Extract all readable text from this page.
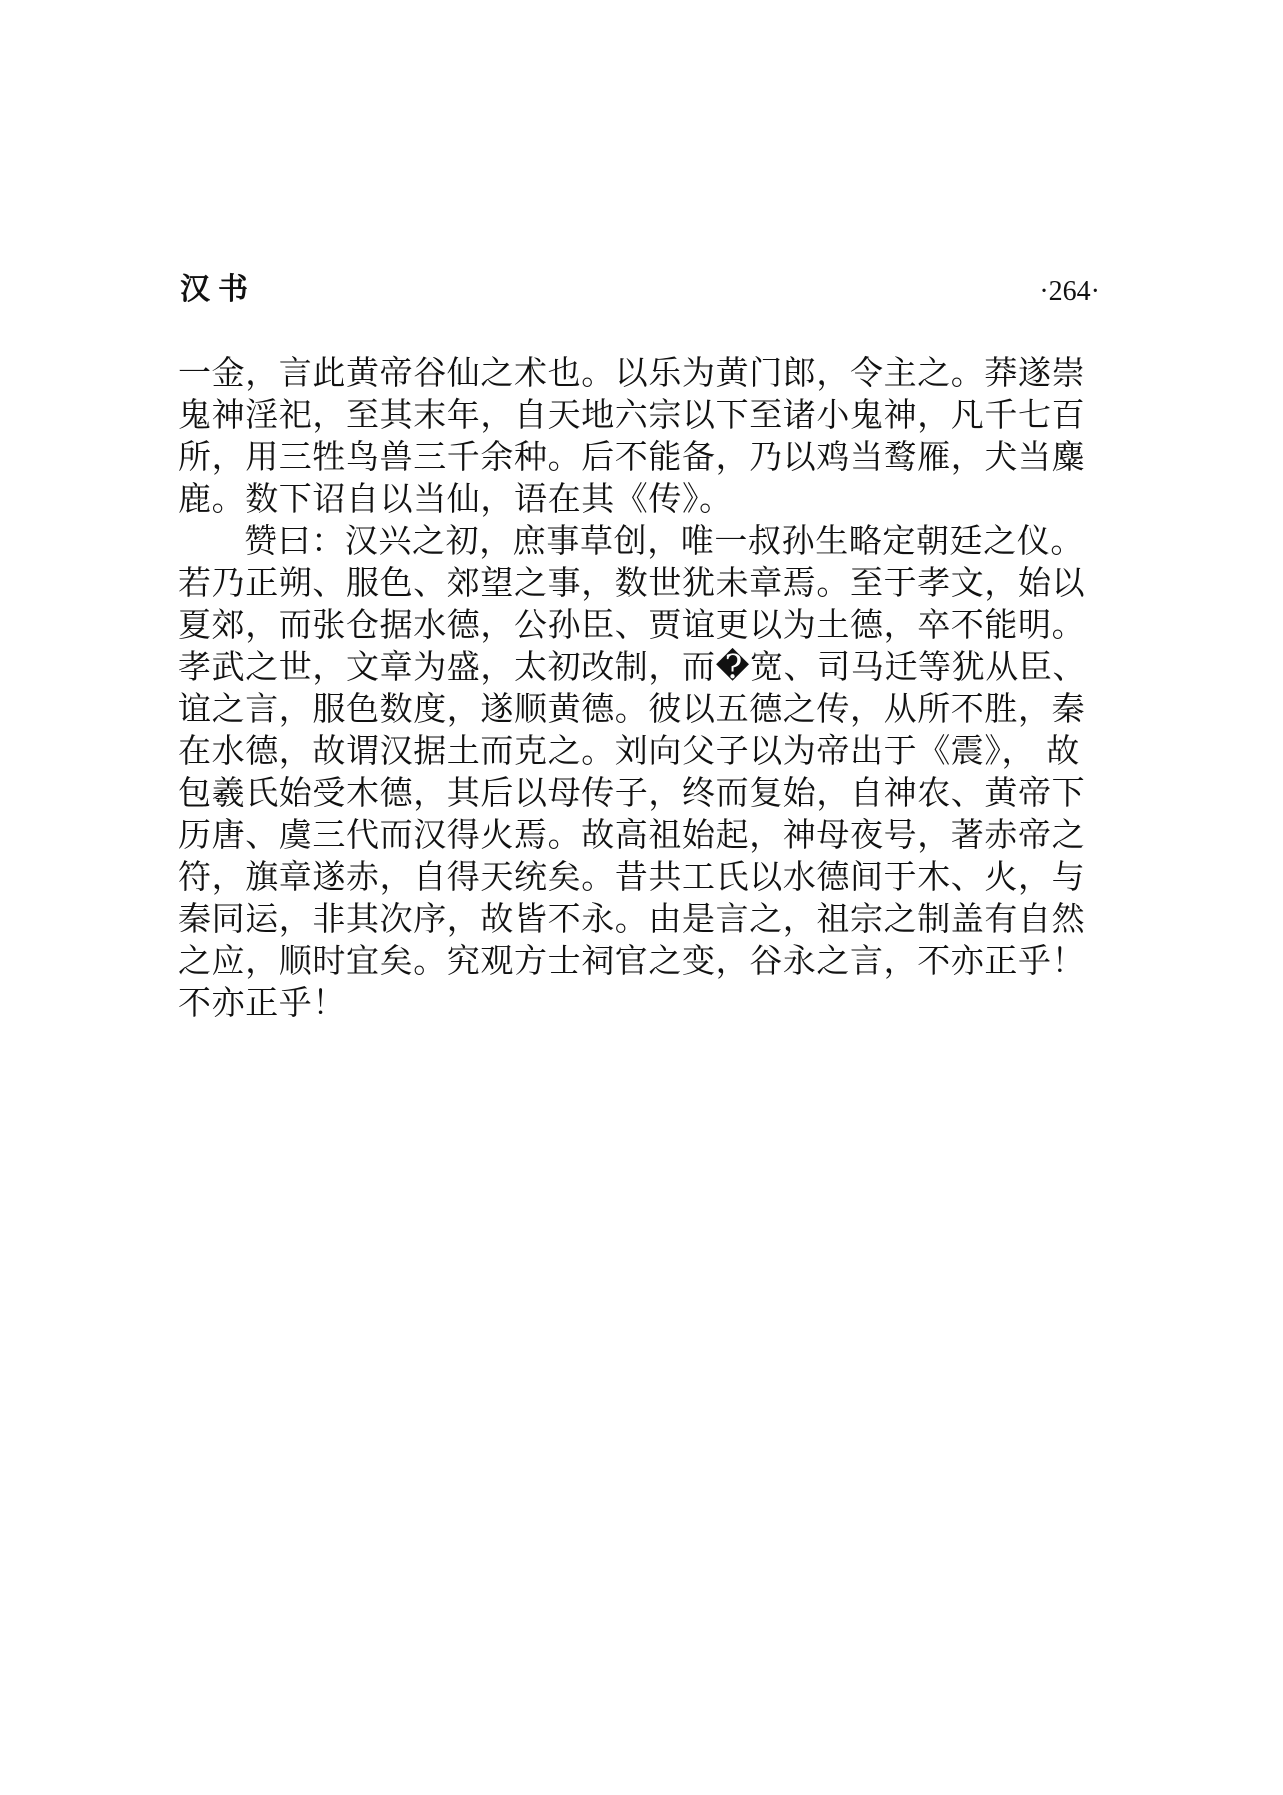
汉书	·264·
一金，言此黄帝谷仙之术也。以乐为黄门郎，令主之。莽遂崇
鬼神淫祀，至其末年，自天地六宗以下至诸小鬼神，凡千七百
所，用三牲鸟兽三千余种。后不能备，乃以鸡当鹜雁，犬当麋
鹿。数下诏自以当仙，语在其《传》。
赞曰：汉兴之初，庶事草创，唯一叔孙生略定朝廷之仪。
若乃正朔、服色、郊望之事，数世犹未章焉。至于孝文，始以
夏郊，而张仓据水德，公孙臣、贾谊更以为土德，卒不能明。
孝武之世，文章为盛，太初改制，而�宽、司马迁等犹从臣、
谊之言，服色数度，遂顺黄德。彼以五德之传，从所不胜，秦
在水德，故谓汉据土而克之。刘向父子以为帝出于《震》， 故
包羲氏始受木德，其后以母传子，终而复始，自神农、黄帝下
历唐、虞三代而汉得火焉。故高祖始起，神母夜号，著赤帝之
符，旗章遂赤，自得天统矣。昔共工氏以水德间于木、火，与
秦同运，非其次序，故皆不永。由是言之，祖宗之制盖有自然
之应，顺时宜矣。究观方士祠官之变，谷永之言，不亦正乎！
不亦正乎！
